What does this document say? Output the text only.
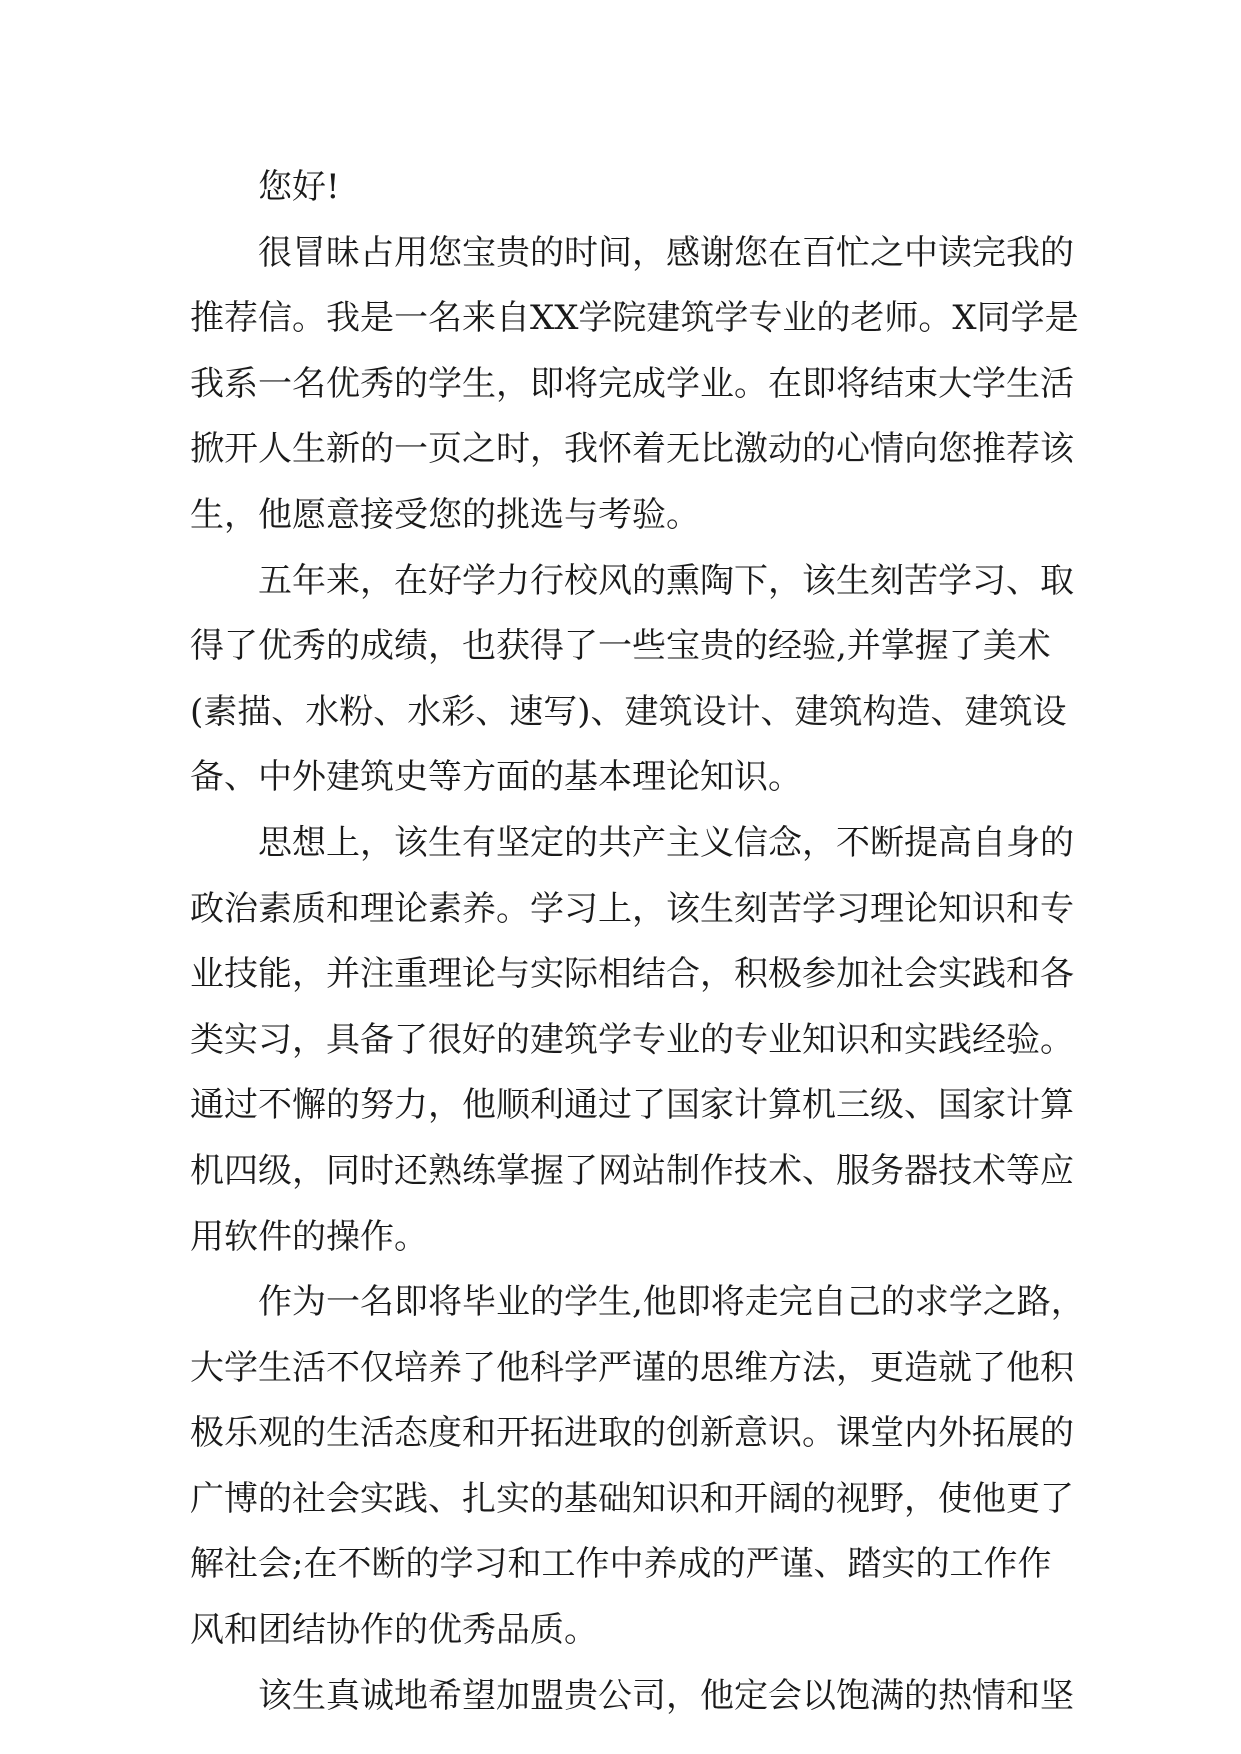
您好!
很冒昧占用您宝贵的时间，感谢您在百忙之中读完我的
推荐信。我是一名来自XX学院建筑学专业的老师。X同学是
我系一名优秀的学生，即将完成学业。在即将结束大学生活
掀开人生新的一页之时，我怀着无比激动的心情向您推荐该
生，他愿意接受您的挑选与考验。
五年来，在好学力行校风的熏陶下，该生刻苦学习、取
得了优秀的成绩，也获得了一些宝贵的经验,并掌握了美术
(素描、水粉、水彩、速写)、建筑设计、建筑构造、建筑设
备、中外建筑史等方面的基本理论知识。
思想上，该生有坚定的共产主义信念，不断提高自身的
政治素质和理论素养。学习上，该生刻苦学习理论知识和专
业技能，并注重理论与实际相结合，积极参加社会实践和各
类实习，具备了很好的建筑学专业的专业知识和实践经验。
通过不懈的努力，他顺利通过了国家计算机三级、国家计算
机四级，同时还熟练掌握了网站制作技术、服务器技术等应
用软件的操作。
作为一名即将毕业的学生,他即将走完自己的求学之路，
大学生活不仅培养了他科学严谨的思维方法，更造就了他积
极乐观的生活态度和开拓进取的创新意识。课堂内外拓展的
广博的社会实践、扎实的基础知识和开阔的视野，使他更了
解社会;在不断的学习和工作中养成的严谨、踏实的工作作
风和团结协作的优秀品质。
该生真诚地希望加盟贵公司，他定会以饱满的热情和坚
